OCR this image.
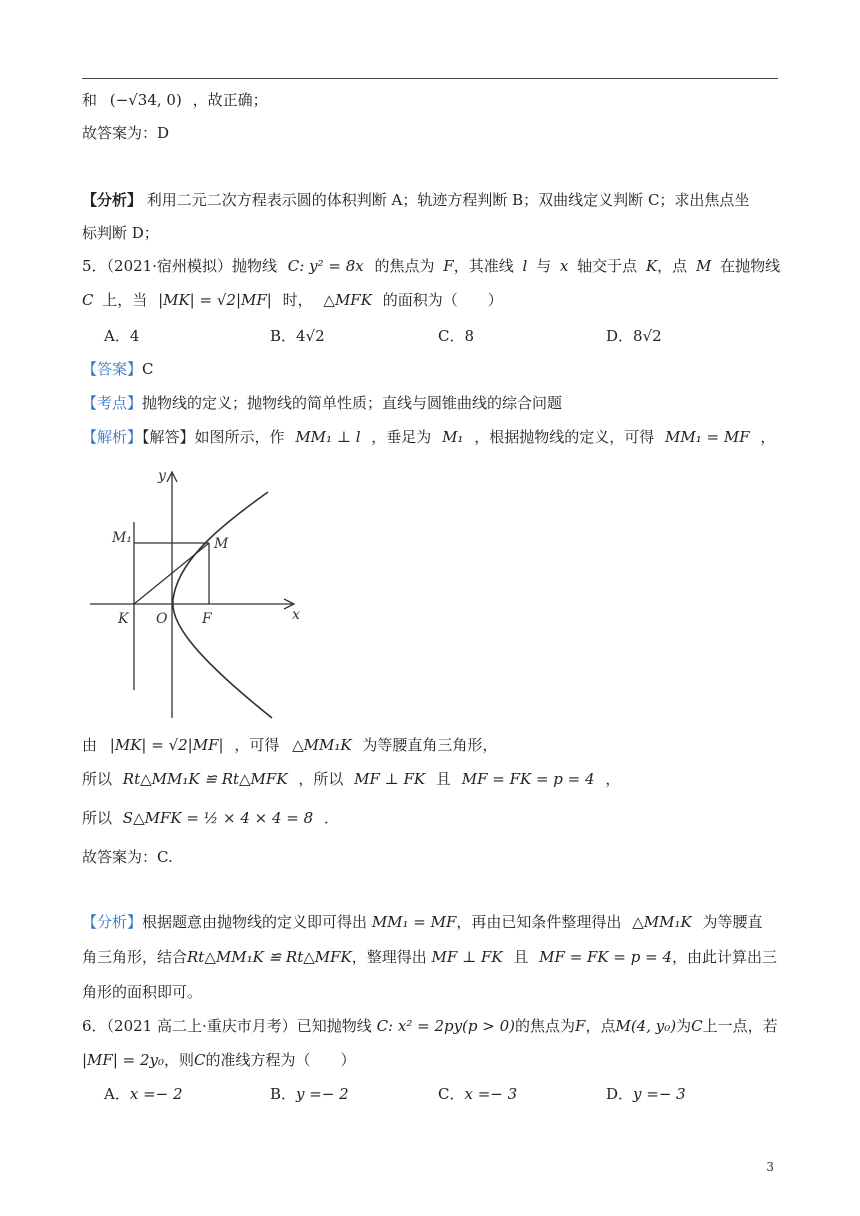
和 (−√34, 0) ，故正确；
故答案为：D
【分析】 利用二元二次方程表示圆的体积判断 A；轨迹方程判断 B；双曲线定义判断 C；求出焦点坐
标判断 D；
5．（2021·宿州模拟）抛物线 C: y² = 8x 的焦点为 F，其准线 l 与 x 轴交于点 K，点 M 在抛物线
C 上，当 |MK| = √2|MF| 时， △MFK 的面积为（　　）
A．4	B．4√2	C．8	D．8√2
【答案】C
【考点】抛物线的定义；抛物线的简单性质；直线与圆锥曲线的综合问题
【解析】【解答】如图所示，作 MM₁ ⊥ l ，垂足为 M₁ ，根据抛物线的定义，可得 MM₁ = MF ，
y
x
M₁	M
K O F
由 |MK| = √2|MF| ，可得 △MM₁K 为等腰直角三角形，
所以 Rt△MM₁K ≌ Rt△MFK ，所以 MF ⊥ FK 且 MF = FK = p = 4 ，
所以 S△MFK = ½ × 4 × 4 = 8 ．
故答案为：C.
【分析】根据题意由抛物线的定义即可得出 MM₁ = MF，再由已知条件整理得出 △MM₁K 为等腰直
角三角形，结合Rt△MM₁K ≌ Rt△MFK，整理得出 MF ⊥ FK 且 MF = FK = p = 4，由此计算出三
角形的面积即可。
6．（2021 高二上·重庆市月考）已知抛物线 C: x² = 2py(p > 0)的焦点为F，点M(4, y₀)为C上一点，若
|MF| = 2y₀，则C的准线方程为（　　）
A．x =− 2	B．y =− 2	C．x =− 3	D．y =− 3
3
